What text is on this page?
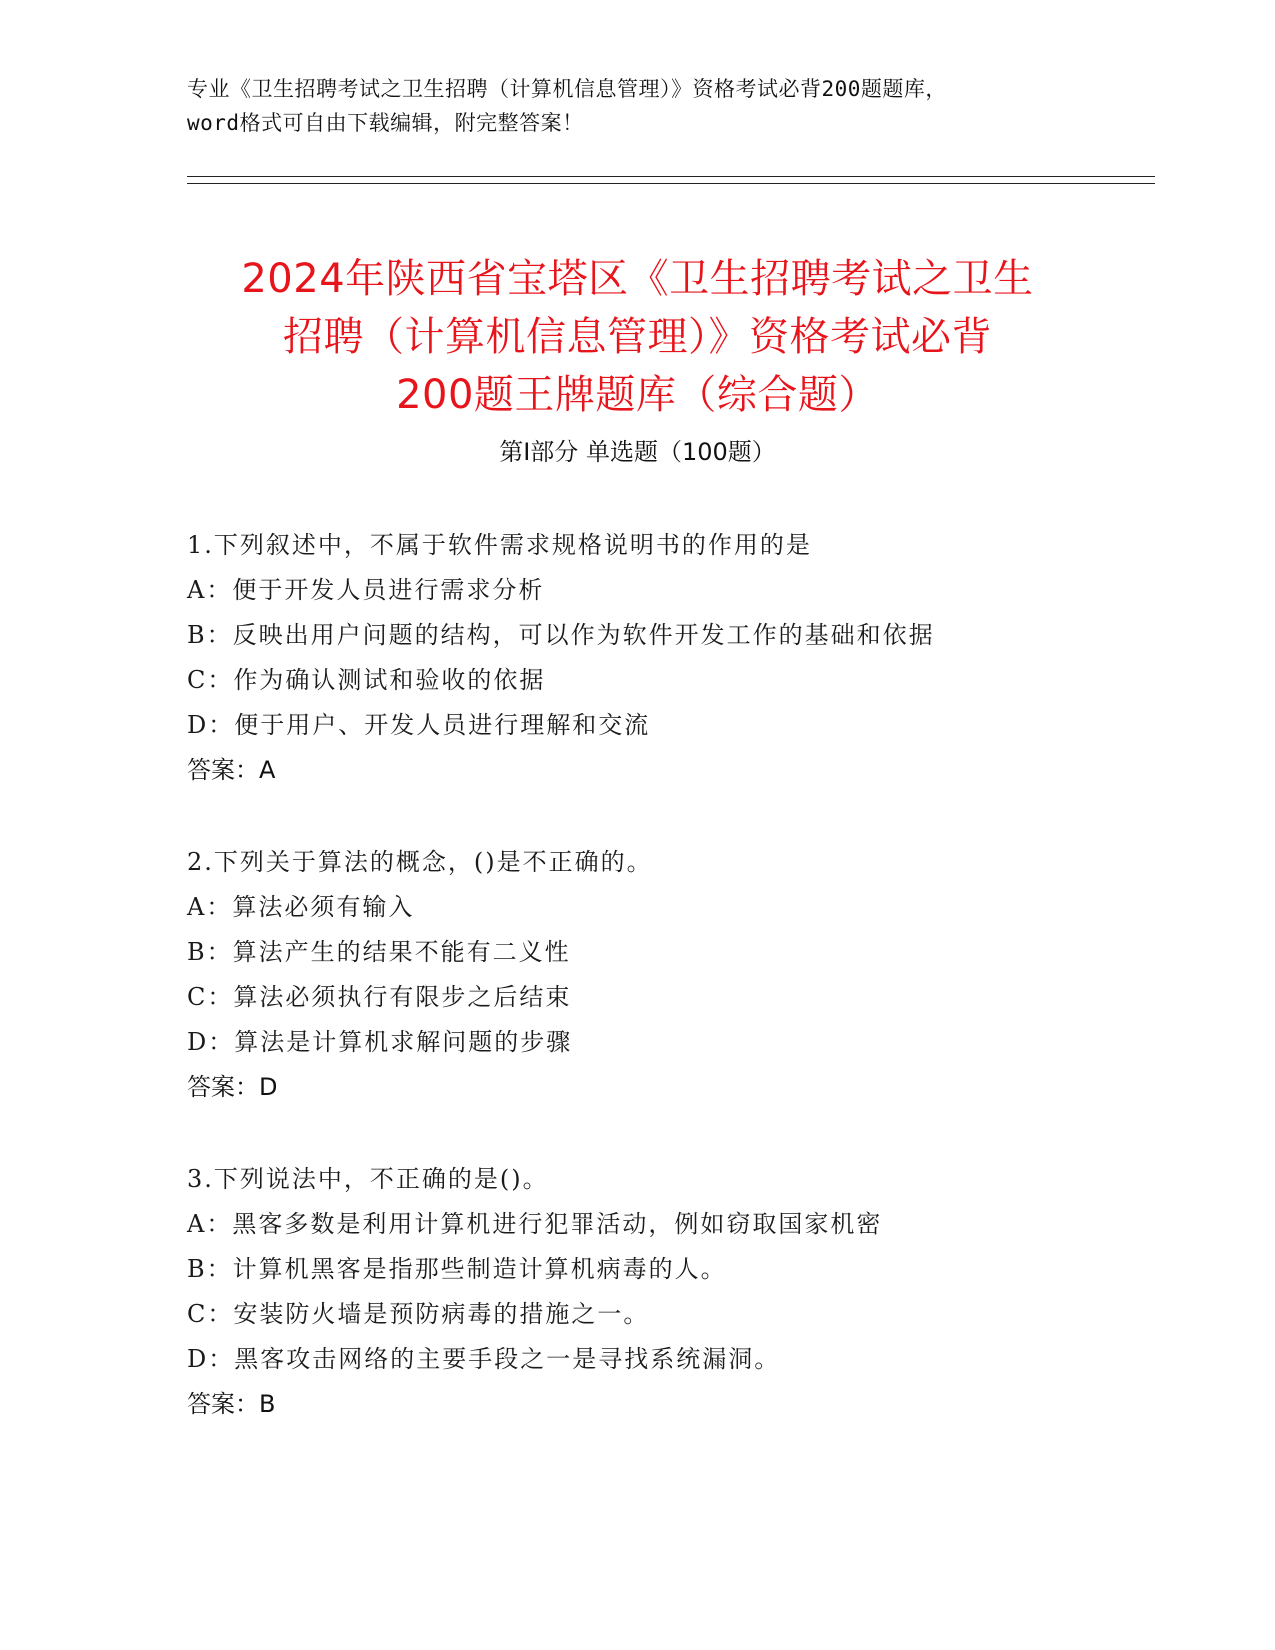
专业《卫生招聘考试之卫生招聘（计算机信息管理）》资格考试必背200题题库，
word格式可自由下载编辑，附完整答案！
2024年陕西省宝塔区《卫生招聘考试之卫生
招聘（计算机信息管理）》资格考试必背
200题王牌题库（综合题）
第Ⅰ部分 单选题（100题）
1.下列叙述中，不属于软件需求规格说明书的作用的是
A：便于开发人员进行需求分析
B：反映出用户问题的结构，可以作为软件开发工作的基础和依据
C：作为确认测试和验收的依据
D：便于用户、开发人员进行理解和交流
答案：A
2.下列关于算法的概念，()是不正确的。
A：算法必须有输入
B：算法产生的结果不能有二义性
C：算法必须执行有限步之后结束
D：算法是计算机求解问题的步骤
答案：D
3.下列说法中，不正确的是()。
A：黑客多数是利用计算机进行犯罪活动，例如窃取国家机密
B：计算机黑客是指那些制造计算机病毒的人。
C：安装防火墙是预防病毒的措施之一。
D：黑客攻击网络的主要手段之一是寻找系统漏洞。
答案：B
